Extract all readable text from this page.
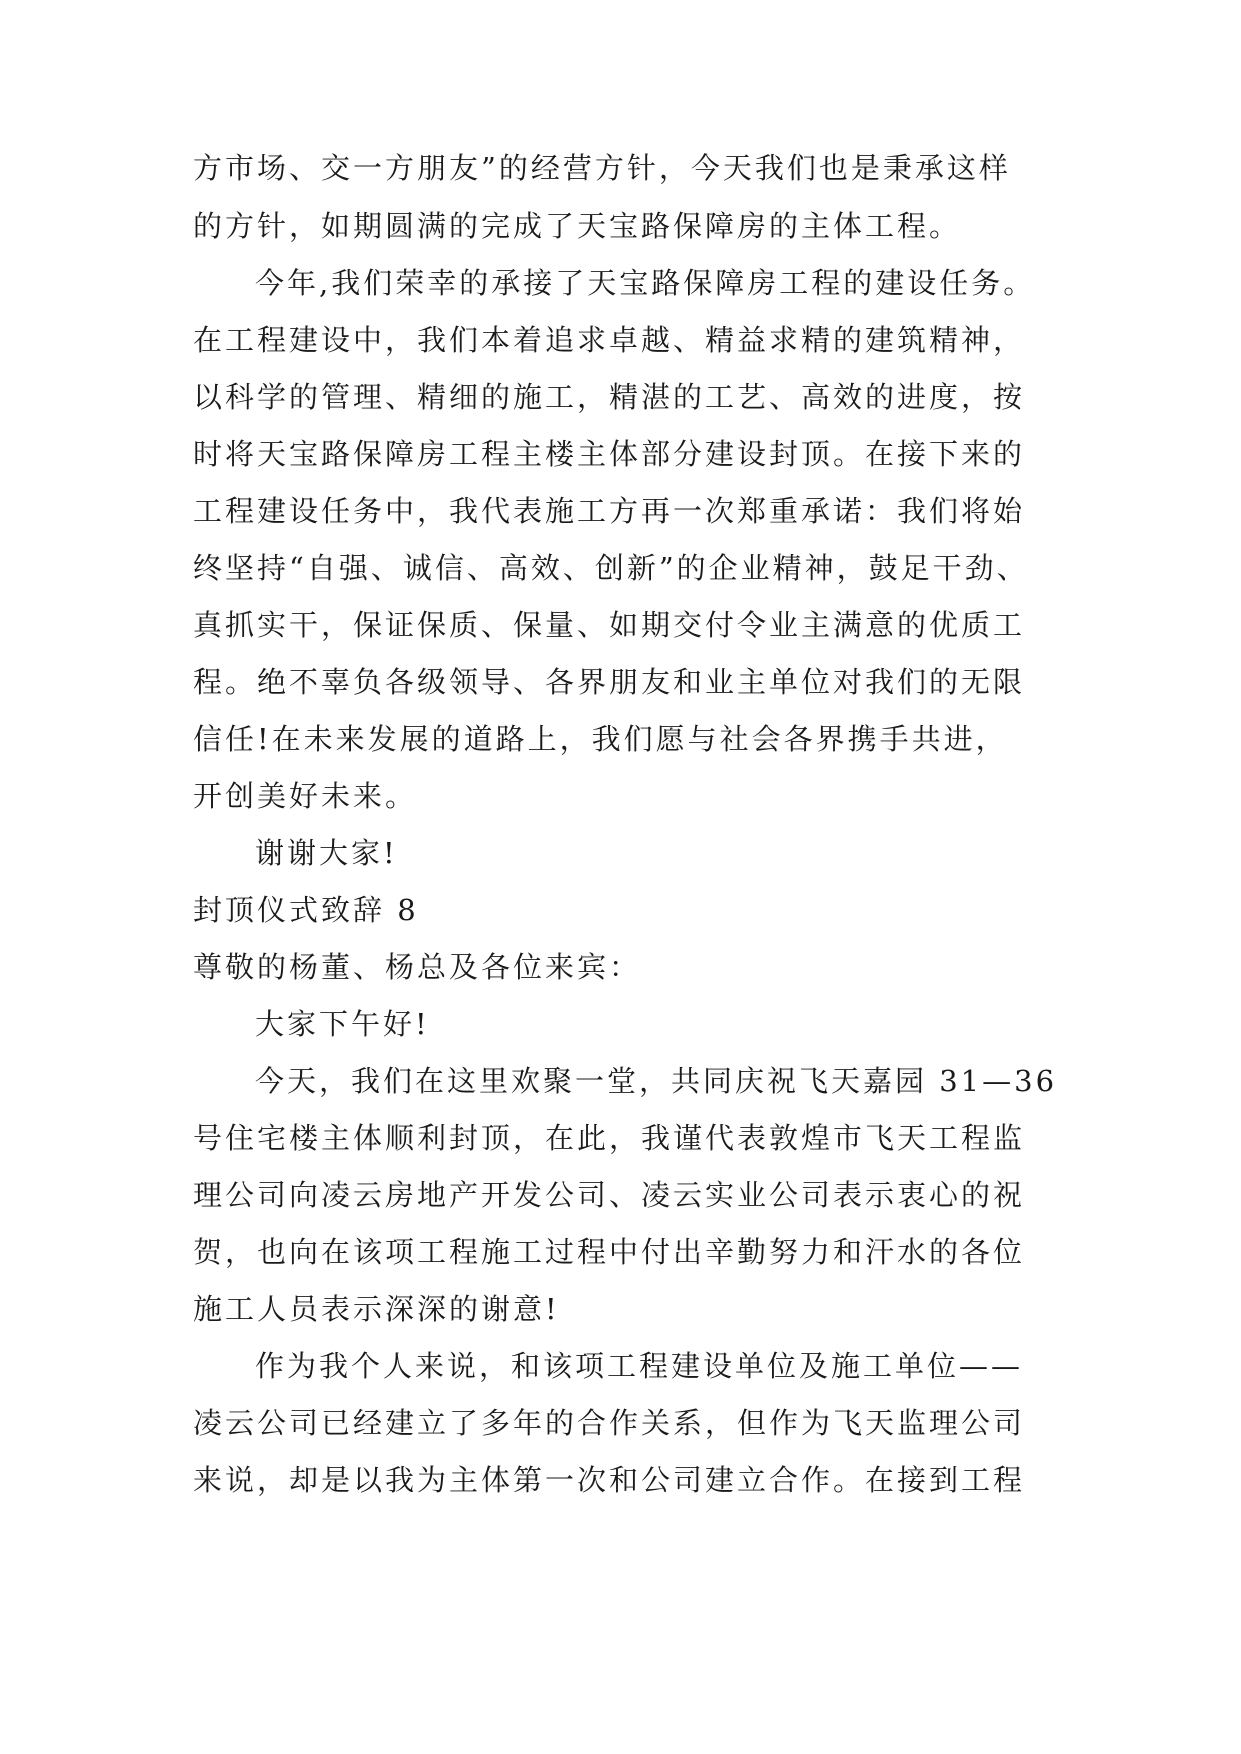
方市场、交一方朋友”的经营方针，今天我们也是秉承这样
的方针，如期圆满的完成了天宝路保障房的主体工程。
今年,我们荣幸的承接了天宝路保障房工程的建设任务。
在工程建设中，我们本着追求卓越、精益求精的建筑精神，
以科学的管理、精细的施工，精湛的工艺、高效的进度，按
时将天宝路保障房工程主楼主体部分建设封顶。在接下来的
工程建设任务中，我代表施工方再一次郑重承诺：我们将始
终坚持“自强、诚信、高效、创新”的企业精神，鼓足干劲、
真抓实干，保证保质、保量、如期交付令业主满意的优质工
程。绝不辜负各级领导、各界朋友和业主单位对我们的无限
信任!在未来发展的道路上，我们愿与社会各界携手共进，
开创美好未来。
谢谢大家!
封顶仪式致辞 8
尊敬的杨董、杨总及各位来宾：
大家下午好!
今天，我们在这里欢聚一堂，共同庆祝飞天嘉园 31—36
号住宅楼主体顺利封顶，在此，我谨代表敦煌市飞天工程监
理公司向凌云房地产开发公司、凌云实业公司表示衷心的祝
贺，也向在该项工程施工过程中付出辛勤努力和汗水的各位
施工人员表示深深的谢意!
作为我个人来说，和该项工程建设单位及施工单位——
凌云公司已经建立了多年的合作关系，但作为飞天监理公司
来说，却是以我为主体第一次和公司建立合作。在接到工程
